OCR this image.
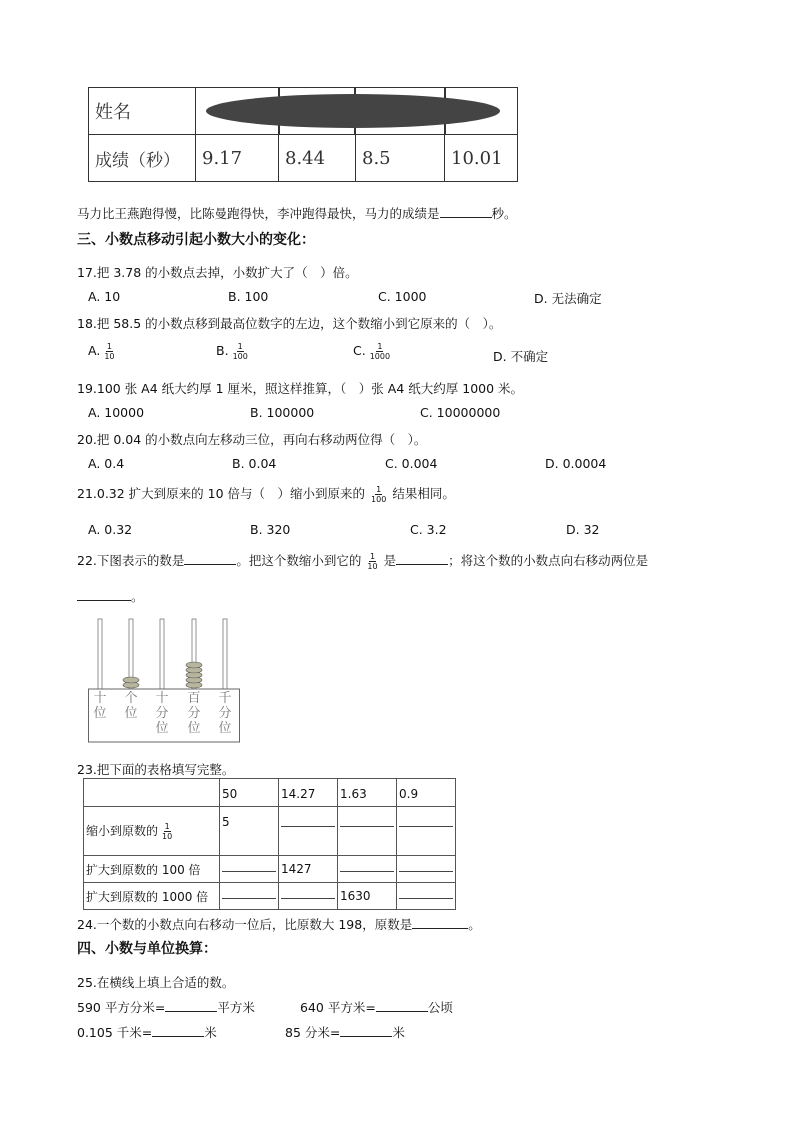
姓名				

成绩（秒）	9.17	8.44	8.5	10.01
马力比王燕跑得慢，比陈曼跑得快，李冲跑得最快，马力的成绩是	秒。
三、小数点移动引起小数大小的变化：
17.把 3.78 的小数点去掉，小数扩大了（　）倍。
A. 10	B. 100	C. 1000	D. 无法确定
18.把 58.5 的小数点移到最高位数字的左边，这个数缩小到它原来的（　）。
A. $\frac{1}{10}$	B. $\frac{1}{100}$	C. $\frac{1}{1000}$	D. 不确定
19.100 张 A4 纸大约厚 1 厘米，照这样推算，（　）张 A4 纸大约厚 1000 米。
A. 10000	B. 100000	C. 10000000
20.把 0.04 的小数点向左移动三位，再向右移动两位得（　）。
A. 0.4	B. 0.04	C. 0.004	D. 0.0004
21.0.32 扩大到原来的 10 倍与（　）缩小到原来的 $\frac{1}{100}$ 结果相同。
A. 0.32	B. 320	C. 3.2	D. 32
22.下图表示的数是	。把这个数缩小到它的 $\frac{1}{10}$ 是	；将这个数的小数点向右移动两位是
。
十
位
个
位
十
分
位
百
分
位
千
分
位
23.把下面的表格填写完整。
	50	14.27	1.63	0.9
缩小到原数的 $\frac{1}{10}$	5	

扩大到原数的 100 倍		1427	

扩大到原数的 1000 倍			1630	
24.一个数的小数点向右移动一位后，比原数大 198，原数是	。
四、小数与单位换算：
25.在横线上填上合适的数。
590 平方分米=	平方米	640 平方米=	公顷
0.105 千米=	米	85 分米=	米
